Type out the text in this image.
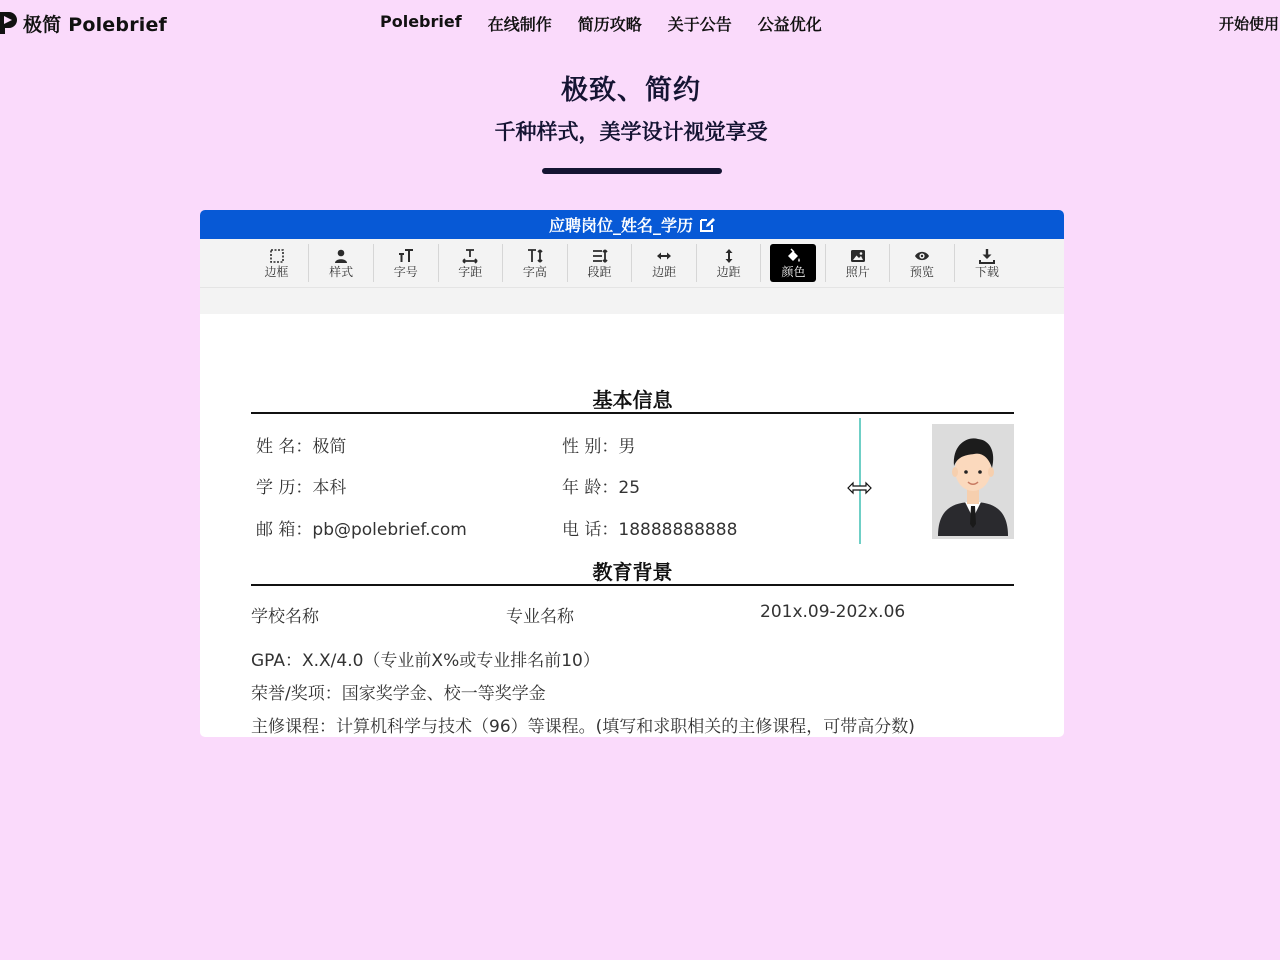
极简 Polebrief	Polebrief 在线制作 简历攻略 关于公告 公益优化	开始使用
极致、简约
千种样式，美学设计视觉享受
应聘岗位_姓名_学历
边框	样式	字号	字距	字高	段距	边距	边距	颜色	照片	预览	下载
基本信息
姓 名：极简	性 别：男
学 历：本科	年 龄：25
邮 箱：pb@polebrief.com	电 话：18888888888
教育背景
学校名称	专业名称	201x.09-202x.06
GPA：X.X/4.0（专业前X%或专业排名前10）
荣誉/奖项：国家奖学金、校一等奖学金
主修课程：计算机科学与技术（96）等课程。(填写和求职相关的主修课程，可带高分数)
